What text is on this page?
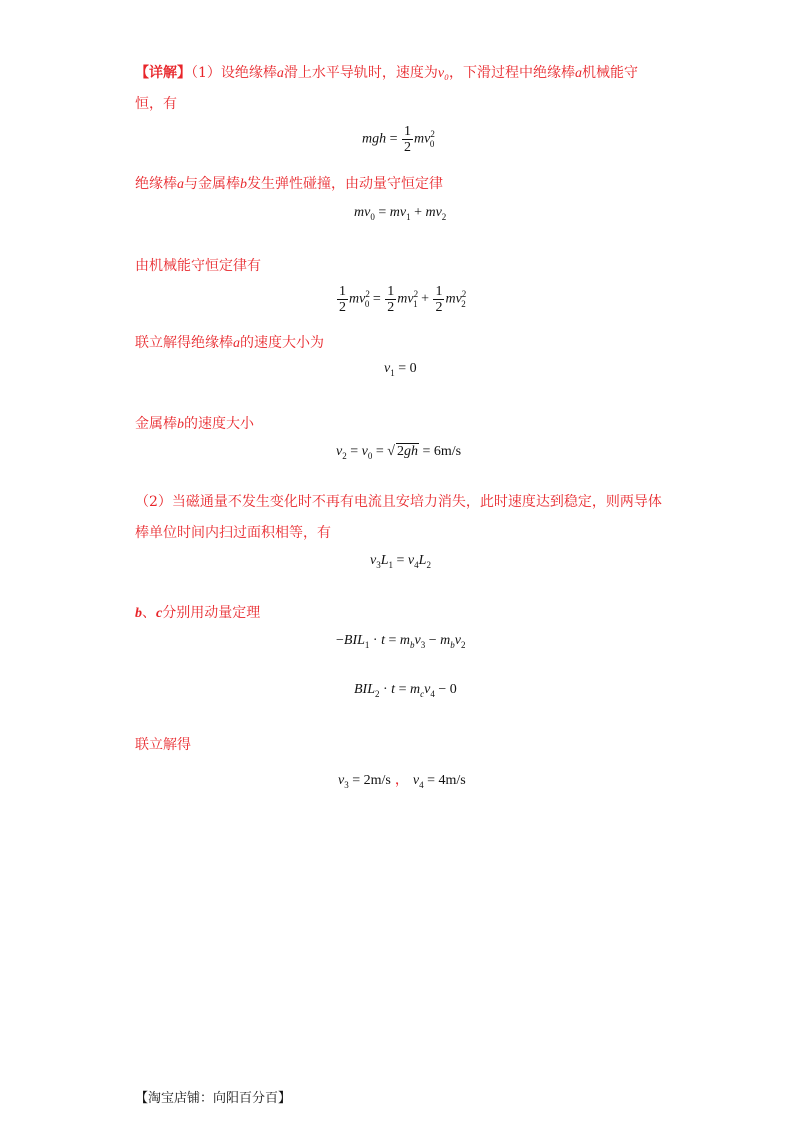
【详解】（1）设绝缘棒a滑上水平导轨时，速度为v₀，下滑过程中绝缘棒a机械能守
恒，有
mgh = $\frac{1}{2} mv^2_0$
绝缘棒a与金属棒b发生弹性碰撞，由动量守恒定律
$mv_0 = mv_1 + mv_2$
由机械能守恒定律有
$\frac{1}{2} mv^2_0 = \frac{1}{2} mv^2_1 + \frac{1}{2} mv^2_2$
联立解得绝缘棒a的速度大小为
$v_1 = 0$
金属棒b的速度大小
$v_2 = v_0$ = √ 2gh = 6m/s
（2）当磁通量不发生变化时不再有电流且安培力消失，此时速度达到稳定，则两导体
棒单位时间内扫过面积相等，有
$v_3L_1 = v_4L_2$
b、c分别用动量定理
$-BIL_1 \cdot t = m_bv_3 - m_bv_2$
$BIL_2 \cdot t = m_cv_4 - 0$
联立解得
$v_3 = 2m/s$ ， $v_4 = 4m/s$
【淘宝店铺：向阳百分百】
